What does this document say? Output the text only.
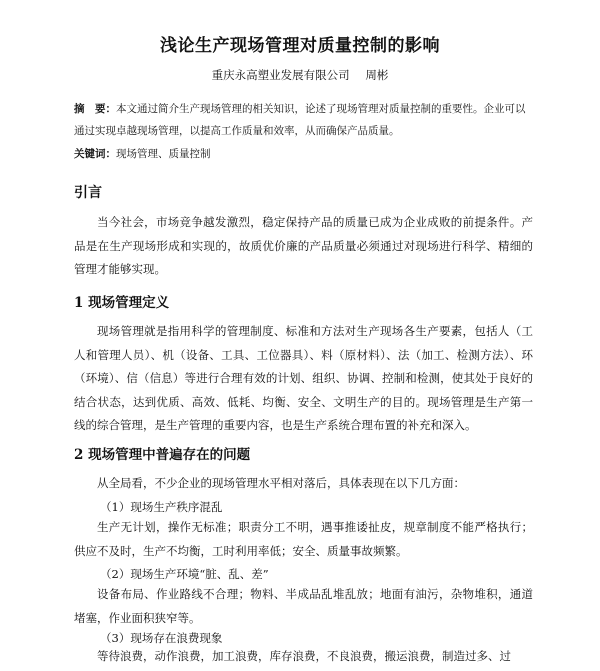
浅论生产现场管理对质量控制的影响
重庆永高塑业发展有限公司 周彬
摘　要：本文通过简介生产现场管理的相关知识，论述了现场管理对质量控制的重要性。企业可以通过实现卓越现场管理，以提高工作质量和效率，从而确保产品质量。
关键词：现场管理、质量控制
引言
当今社会，市场竞争越发激烈，稳定保持产品的质量已成为企业成败的前提条件。产品是在生产现场形成和实现的，故质优价廉的产品质量必须通过对现场进行科学、精细的管理才能够实现。
1 现场管理定义
现场管理就是指用科学的管理制度、标准和方法对生产现场各生产要素，包括人（工人和管理人员）、机（设备、工具、工位器具）、料（原材料）、法（加工、检测方法）、环（环境）、信（信息）等进行合理有效的计划、组织、协调、控制和检测，使其处于良好的结合状态，达到优质、高效、低耗、均衡、安全、文明生产的目的。现场管理是生产第一线的综合管理，是生产管理的重要内容，也是生产系统合理布置的补充和深入。
2 现场管理中普遍存在的问题
从全局看，不少企业的现场管理水平相对落后，具体表现在以下几方面：
（1）现场生产秩序混乱
生产无计划，操作无标准；职责分工不明，遇事推诿扯皮，规章制度不能严格执行；供应不及时，生产不均衡，工时利用率低；安全、质量事故频繁。
（2）现场生产环境“脏、乱、差”
设备布局、作业路线不合理；物料、半成品乱堆乱放；地面有油污，杂物堆积，通道堵塞，作业面积狭窄等。
（3）现场存在浪费现象
等待浪费，动作浪费，加工浪费，库存浪费，不良浪费，搬运浪费，制造过多、过
